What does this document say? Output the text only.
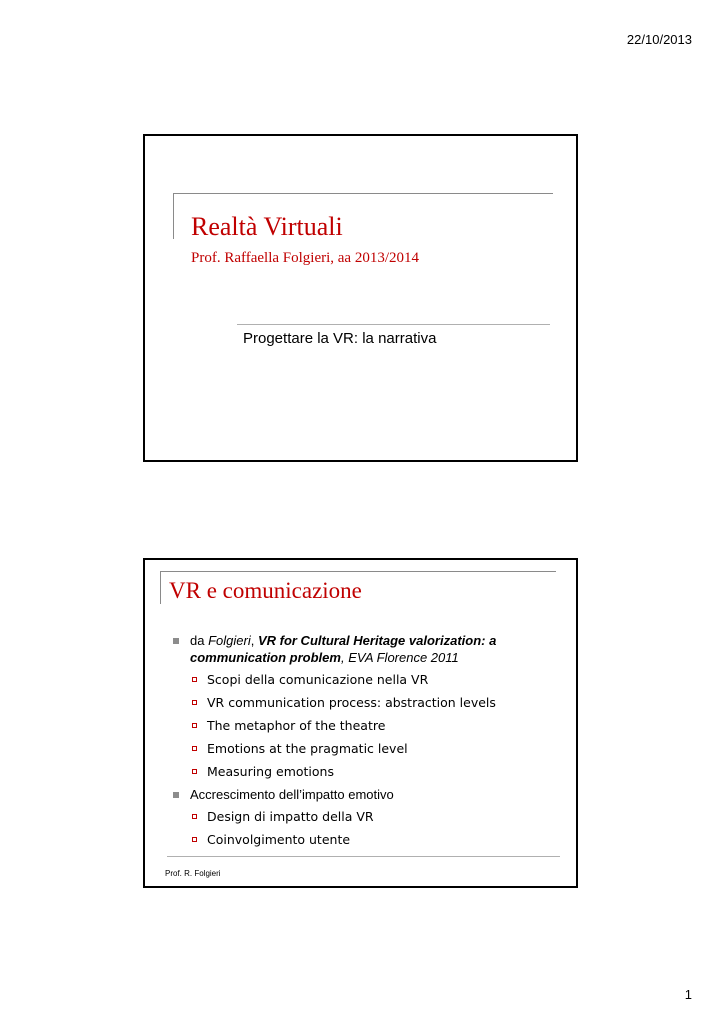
22/10/2013
Realtà Virtuali
Prof. Raffaella Folgieri, aa 2013/2014
Progettare la VR: la narrativa
VR e comunicazione
da Folgieri, VR for Cultural Heritage valorization: a communication problem, EVA Florence 2011
Scopi della comunicazione nella VR
VR communication process: abstraction levels
The metaphor of the theatre
Emotions at the pragmatic level
Measuring emotions
Accrescimento dell’impatto emotivo
Design di impatto della VR
Coinvolgimento utente
Prof. R. Folgieri
1
